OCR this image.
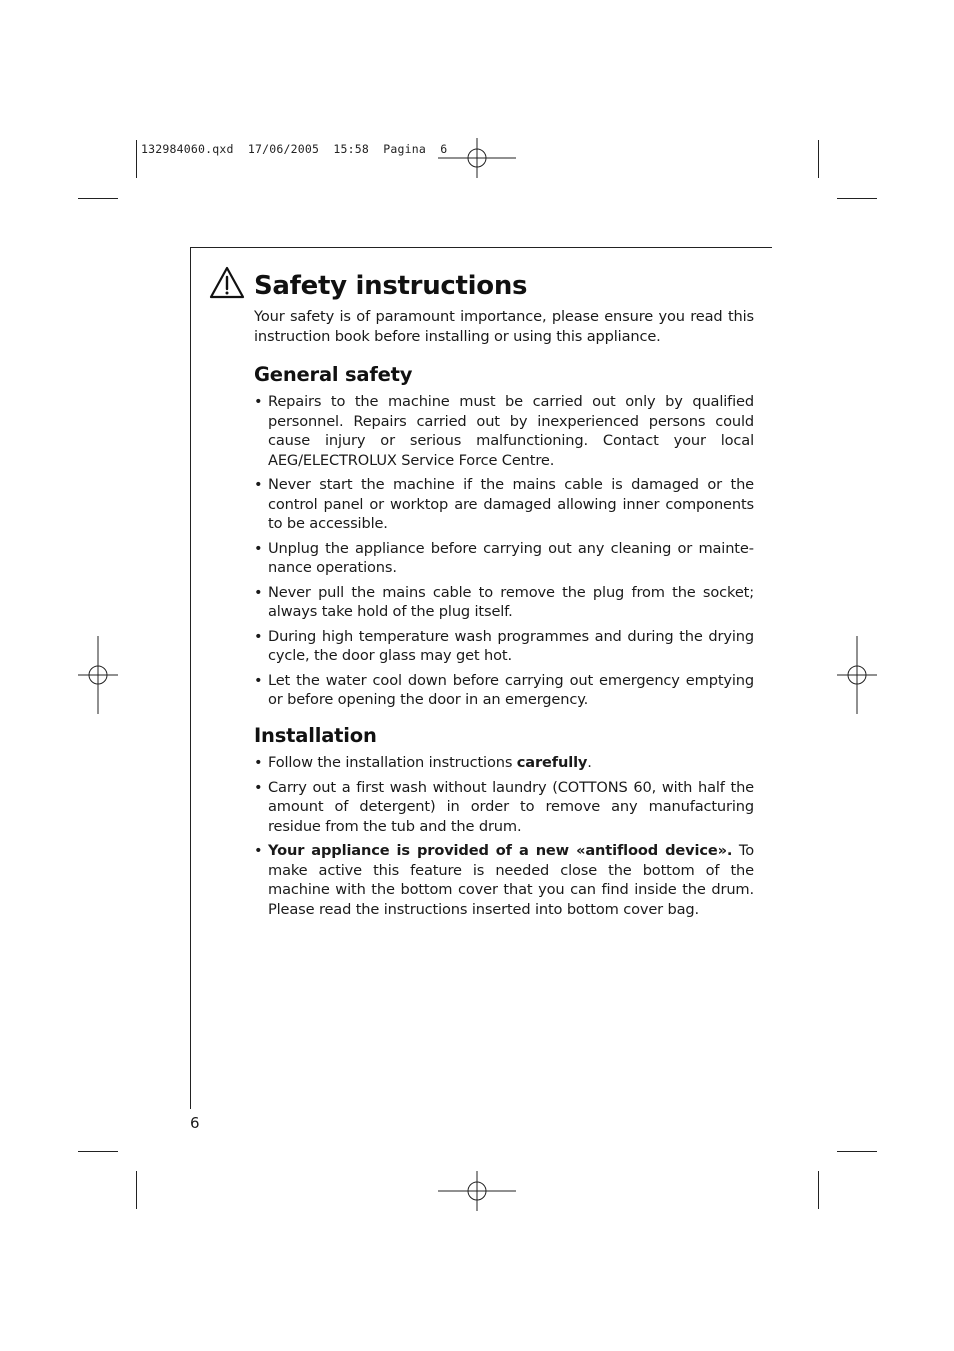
132984060.qxd  17/06/2005  15:58  Pagina  6
Safety instructions
Your safety is of paramount importance, please ensure you read this instruction book before installing or using this appliance.
General safety
• Repairs to the machine must be carried out only by qualified personnel. Repairs carried out by inexperienced persons could cause injury or serious malfunctioning. Contact your local AEG/ELECTROLUX Service Force Centre.
• Never start the machine if the mains cable is damaged or the control panel or worktop are damaged allowing inner components to be accessible.
• Unplug the appliance before carrying out any cleaning or maintenance operations.
• Never pull the mains cable to remove the plug from the socket; always take hold of the plug itself.
• During high temperature wash programmes and during the drying cycle, the door glass may get hot.
• Let the water cool down before carrying out emergency emptying or before opening the door in an emergency.
Installation
• Follow the installation instructions carefully.
• Carry out a first wash without laundry (COTTONS 60, with half the amount of detergent) in order to remove any manufacturing residue from the tub and the drum.
• Your appliance is provided of a new «antiflood device». To make active this feature is needed close the bottom of the machine with the bottom cover that you can find inside the drum. Please read the instructions inserted into bottom cover bag.
6
